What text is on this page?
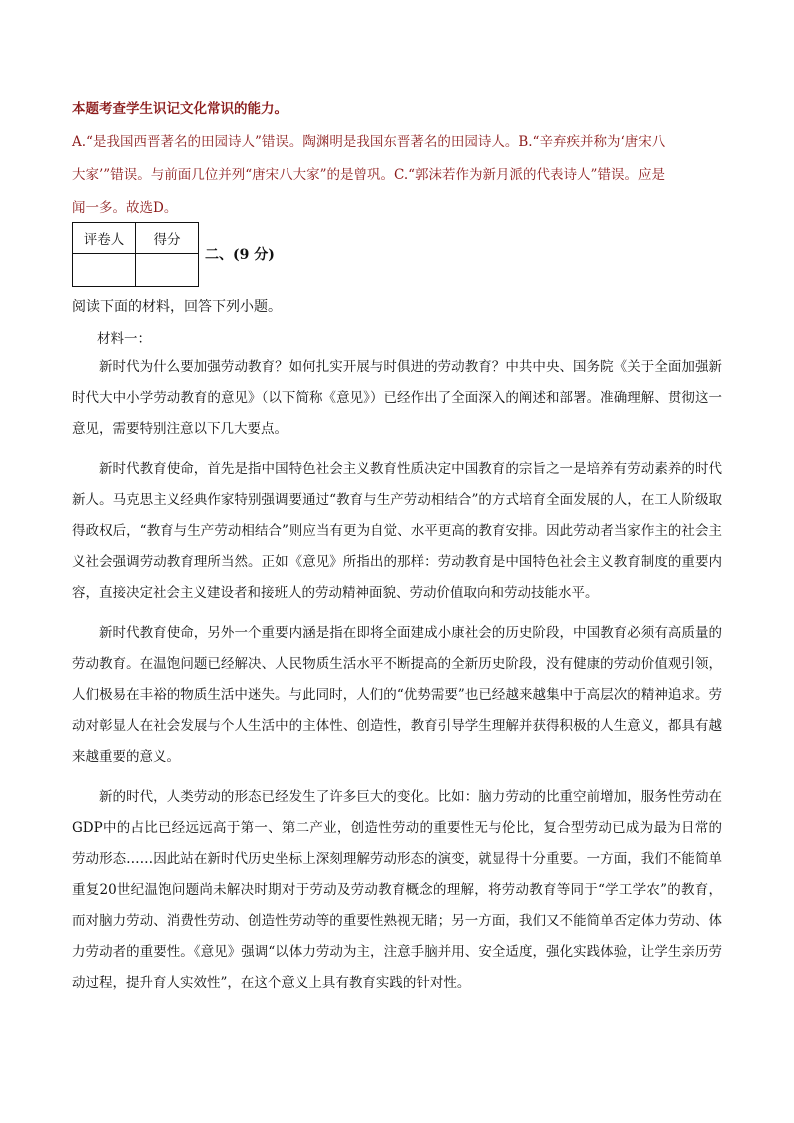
本题考查学生识记文化常识的能力。

A.“是我国西晋著名的田园诗人”错误。陶渊明是我国东晋著名的田园诗人。B.“辛弃疾并称为‘唐宋八

大家’”错误。与前面几位并列“唐宋八大家”的是曾巩。C.“郭沫若作为新月派的代表诗人”错误。应是

闻一多。故选D。

评卷人	得分

二、(9 分)
阅读下面的材料，回答下列小题。
材料一：

新时代为什么要加强劳动教育？如何扎实开展与时俱进的劳动教育？中共中央、国务院《关于全面加强新时代大中小学劳动教育的意见》（以下简称《意见》）已经作出了全面深入的阐述和部署。准确理解、贯彻这一意见，需要特别注意以下几大要点。

新时代教育使命，首先是指中国特色社会主义教育性质决定中国教育的宗旨之一是培养有劳动素养的时代新人。马克思主义经典作家特别强调要通过“教育与生产劳动相结合”的方式培育全面发展的人，在工人阶级取得政权后，“教育与生产劳动相结合”则应当有更为自觉、水平更高的教育安排。因此劳动者当家作主的社会主义社会强调劳动教育理所当然。正如《意见》所指出的那样：劳动教育是中国特色社会主义教育制度的重要内容，直接决定社会主义建设者和接班人的劳动精神面貌、劳动价值取向和劳动技能水平。

新时代教育使命，另外一个重要内涵是指在即将全面建成小康社会的历史阶段，中国教育必须有高质量的劳动教育。在温饱问题已经解决、人民物质生活水平不断提高的全新历史阶段，没有健康的劳动价值观引领，人们极易在丰裕的物质生活中迷失。与此同时，人们的“优势需要”也已经越来越集中于高层次的精神追求。劳动对彰显人在社会发展与个人生活中的主体性、创造性，教育引导学生理解并获得积极的人生意义，都具有越来越重要的意义。

新的时代，人类劳动的形态已经发生了许多巨大的变化。比如：脑力劳动的比重空前增加，服务性劳动在GDP中的占比已经远远高于第一、第二产业，创造性劳动的重要性无与伦比，复合型劳动已成为最为日常的劳动形态……因此站在新时代历史坐标上深刻理解劳动形态的演变，就显得十分重要。一方面，我们不能简单重复20世纪温饱问题尚未解决时期对于劳动及劳动教育概念的理解，将劳动教育等同于“学工学农”的教育，而对脑力劳动、消费性劳动、创造性劳动等的重要性熟视无睹；另一方面，我们又不能简单否定体力劳动、体力劳动者的重要性。《意见》强调“以体力劳动为主，注意手脑并用、安全适度，强化实践体验，让学生亲历劳动过程，提升育人实效性”，在这个意义上具有教育实践的针对性。
